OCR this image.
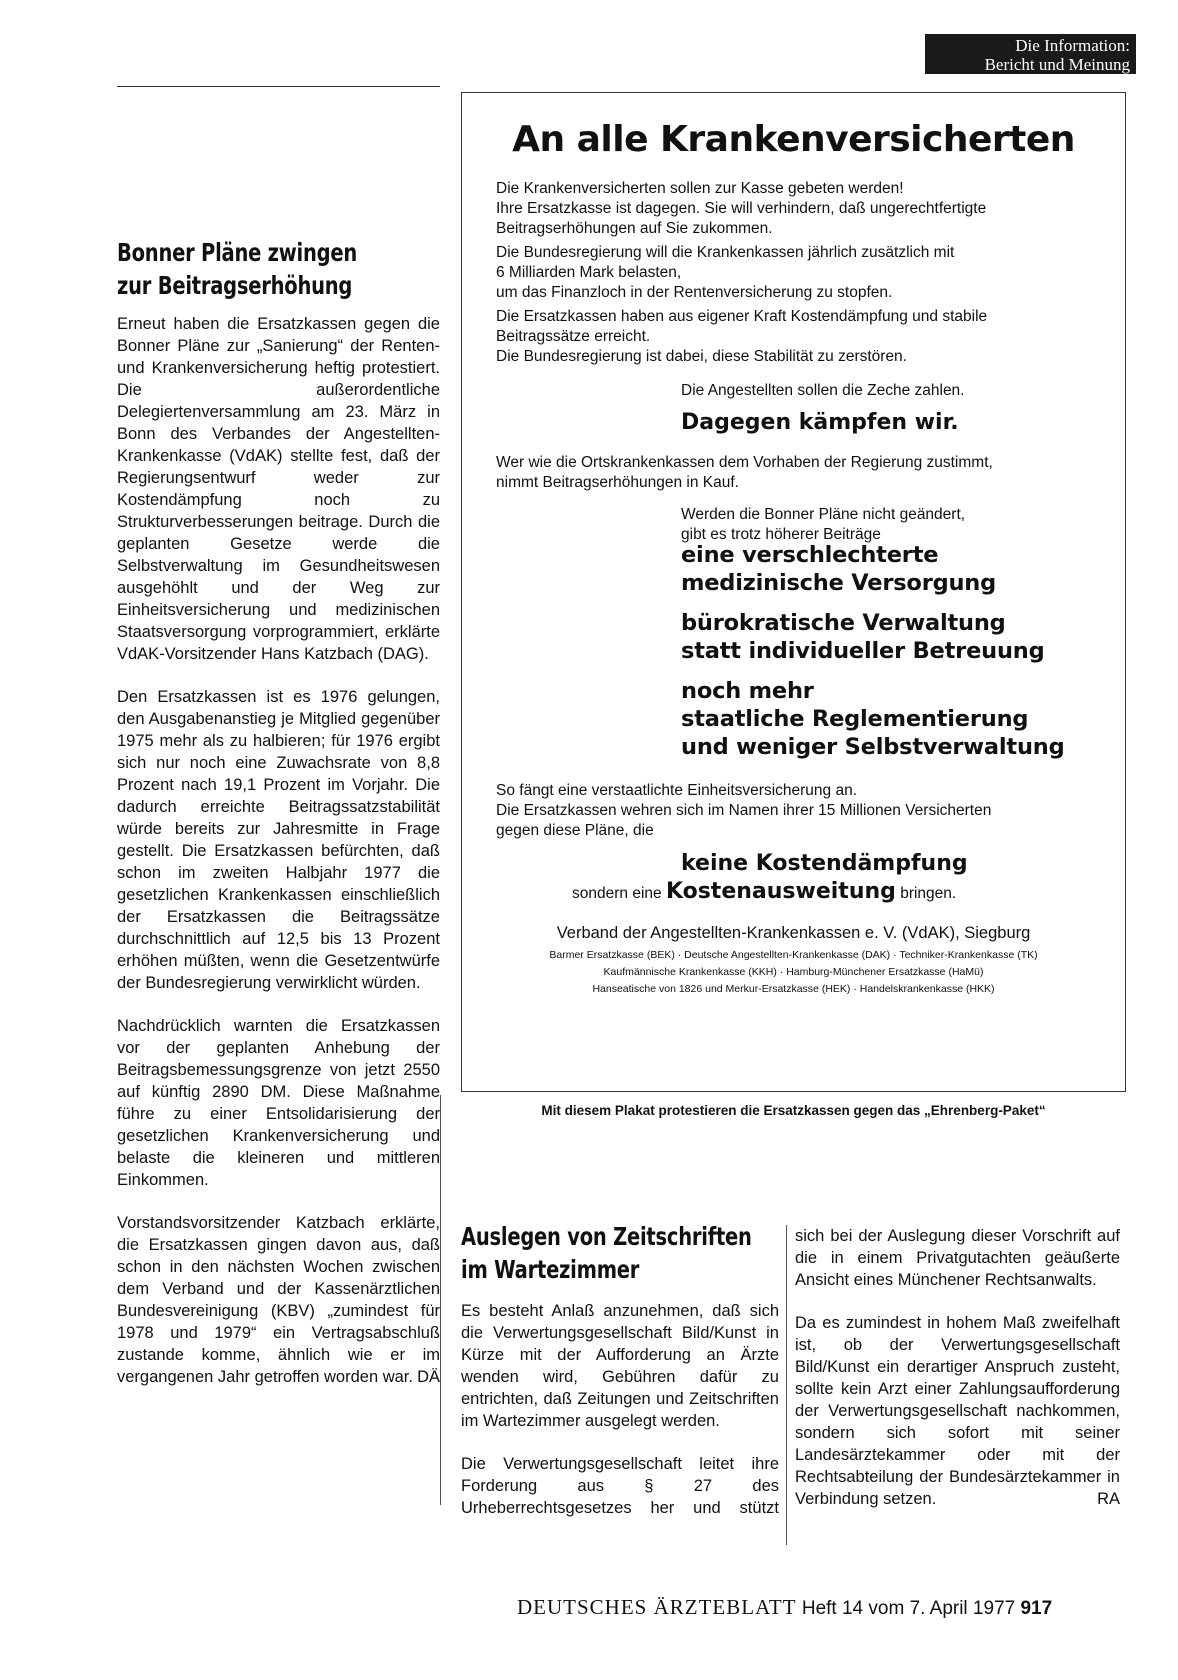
Die Information:
Bericht und Meinung
Bonner Pläne zwingen
zur Beitragserhöhung

Erneut haben die Ersatzkassen gegen die Bonner Pläne zur „Sanierung“ der Renten- und Krankenversicherung heftig protestiert. Die außerordentliche Delegiertenversammlung am 23. März in Bonn des Verbandes der Angestellten-Krankenkasse (VdAK) stellte fest, daß der Regierungsentwurf weder zur Kostendämpfung noch zu Strukturverbesserungen beitrage. Durch die geplanten Gesetze werde die Selbstverwaltung im Gesundheitswesen ausgehöhlt und der Weg zur Einheitsversicherung und medizinischen Staatsversorgung vorprogrammiert, erklärte VdAK-Vorsitzender Hans Katzbach (DAG).

Den Ersatzkassen ist es 1976 gelungen, den Ausgabenanstieg je Mitglied gegenüber 1975 mehr als zu halbieren; für 1976 ergibt sich nur noch eine Zuwachsrate von 8,8 Prozent nach 19,1 Prozent im Vorjahr. Die dadurch erreichte Beitragssatzstabilität würde bereits zur Jahresmitte in Frage gestellt. Die Ersatzkassen befürchten, daß schon im zweiten Halbjahr 1977 die gesetzlichen Krankenkassen einschließlich der Ersatzkassen die Beitragssätze durchschnittlich auf 12,5 bis 13 Prozent erhöhen müßten, wenn die Gesetzentwürfe der Bundesregierung verwirklicht würden.

Nachdrücklich warnten die Ersatzkassen vor der geplanten Anhebung der Beitragsbemessungsgrenze von jetzt 2550 auf künftig 2890 DM. Diese Maßnahme führe zu einer Entsolidarisierung der gesetzlichen Krankenversicherung und belaste die kleineren und mittleren Einkommen.

Vorstandsvorsitzender Katzbach erklärte, die Ersatzkassen gingen davon aus, daß schon in den nächsten Wochen zwischen dem Verband und der Kassenärztlichen Bundesvereinigung (KBV) „zumindest für 1978 und 1979“ ein Vertragsabschluß zustande komme, ähnlich wie er im vergangenen Jahr getroffen worden war. DÄ

An alle Krankenversicherten
Die Krankenversicherten sollen zur Kasse gebeten werden!
Ihre Ersatzkasse ist dagegen. Sie will verhindern, daß ungerechtfertigte
Beitragserhöhungen auf Sie zukommen.
Die Bundesregierung will die Krankenkassen jährlich zusätzlich mit
6 Milliarden Mark belasten,
um das Finanzloch in der Rentenversicherung zu stopfen.
Die Ersatzkassen haben aus eigener Kraft Kostendämpfung und stabile
Beitragssätze erreicht.
Die Bundesregierung ist dabei, diese Stabilität zu zerstören.
Die Angestellten sollen die Zeche zahlen.
Dagegen kämpfen wir.
Wer wie die Ortskrankenkassen dem Vorhaben der Regierung zustimmt,
nimmt Beitragserhöhungen in Kauf.
Werden die Bonner Pläne nicht geändert,
gibt es trotz höherer Beiträge
eine verschlechterte
medizinische Versorgung
bürokratische Verwaltung
statt individueller Betreuung
noch mehr
staatliche Reglementierung
und weniger Selbstverwaltung
So fängt eine verstaatlichte Einheitsversicherung an.
Die Ersatzkassen wehren sich im Namen ihrer 15 Millionen Versicherten
gegen diese Pläne, die
keine Kostendämpfung
sondern eine Kostenausweitung bringen.
Verband der Angestellten-Krankenkassen e. V. (VdAK), Siegburg
Barmer Ersatzkasse (BEK) · Deutsche Angestellten-Krankenkasse (DAK) · Techniker-Krankenkasse (TK)
Kaufmännische Krankenkasse (KKH) · Hamburg-Münchener Ersatzkasse (HaMü)
Hanseatische von 1826 und Merkur-Ersatzkasse (HEK) · Handelskrankenkasse (HKK)
Mit diesem Plakat protestieren die Ersatzkassen gegen das „Ehrenberg-Paket“
Auslegen von Zeitschriften
im Wartezimmer

Es besteht Anlaß anzunehmen, daß sich die Verwertungsgesellschaft Bild/Kunst in Kürze mit der Aufforderung an Ärzte wenden wird, Gebühren dafür zu entrichten, daß Zeitungen und Zeitschriften im Wartezimmer ausgelegt werden.

Die Verwertungsgesellschaft leitet ihre Forderung aus § 27 des Urheberrechtsgesetzes her und stützt

sich bei der Auslegung dieser Vorschrift auf die in einem Privatgutachten geäußerte Ansicht eines Münchener Rechtsanwalts.

Da es zumindest in hohem Maß zweifelhaft ist, ob der Verwertungsgesellschaft Bild/Kunst ein derartiger Anspruch zusteht, sollte kein Arzt einer Zahlungsaufforderung der Verwertungsgesellschaft nachkommen, sondern sich sofort mit seiner Landesärztekammer oder mit der Rechtsabteilung der Bundesärztekammer in Verbindung setzen.	RA

DEUTSCHES ÄRZTEBLATT Heft 14 vom 7. April 1977 917
